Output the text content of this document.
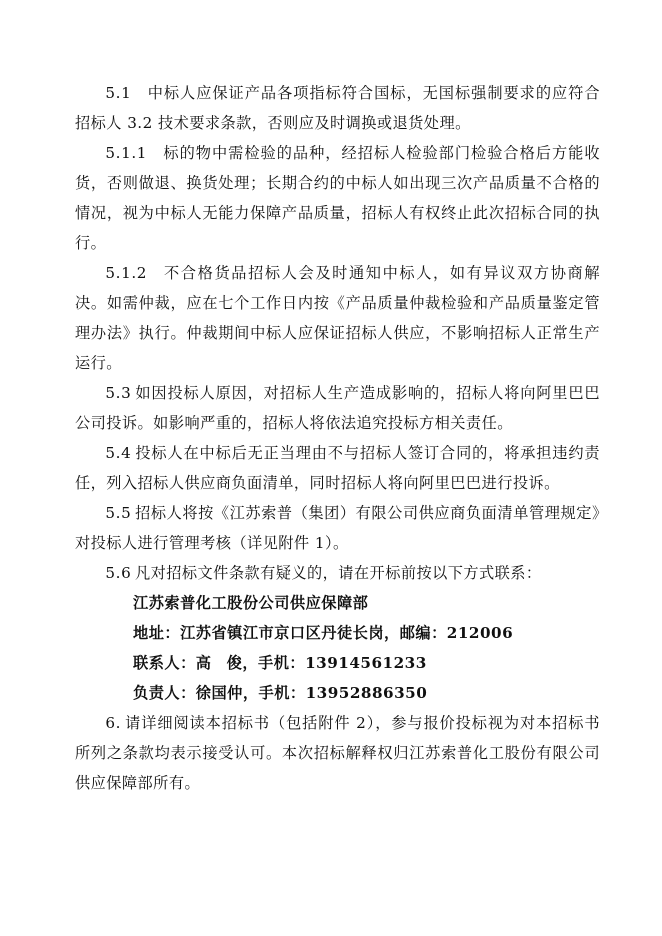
5.1 中标人应保证产品各项指标符合国标，无国标强制要求的应符合招标人 3.2 技术要求条款，否则应及时调换或退货处理。

5.1.1 标的物中需检验的品种，经招标人检验部门检验合格后方能收货，否则做退、换货处理；长期合约的中标人如出现三次产品质量不合格的情况，视为中标人无能力保障产品质量，招标人有权终止此次招标合同的执行。

5.1.2 不合格货品招标人会及时通知中标人，如有异议双方协商解决。如需仲裁，应在七个工作日内按《产品质量仲裁检验和产品质量鉴定管理办法》执行。仲裁期间中标人应保证招标人供应，不影响招标人正常生产运行。

5.3 如因投标人原因，对招标人生产造成影响的，招标人将向阿里巴巴公司投诉。如影响严重的，招标人将依法追究投标方相关责任。

5.4 投标人在中标后无正当理由不与招标人签订合同的，将承担违约责任，列入招标人供应商负面清单，同时招标人将向阿里巴巴进行投诉。

5.5 招标人将按《江苏索普（集团）有限公司供应商负面清单管理规定》对投标人进行管理考核（详见附件 1）。

5.6 凡对招标文件条款有疑义的，请在开标前按以下方式联系：

江苏索普化工股份公司供应保障部
地址：江苏省镇江市京口区丹徒长岗，邮编：212006
联系人：高 俊，手机：13914561233
负责人：徐国仲，手机：13952886350

6. 请详细阅读本招标书（包括附件 2），参与报价投标视为对本招标书所列之条款均表示接受认可。本次招标解释权归江苏索普化工股份有限公司供应保障部所有。
